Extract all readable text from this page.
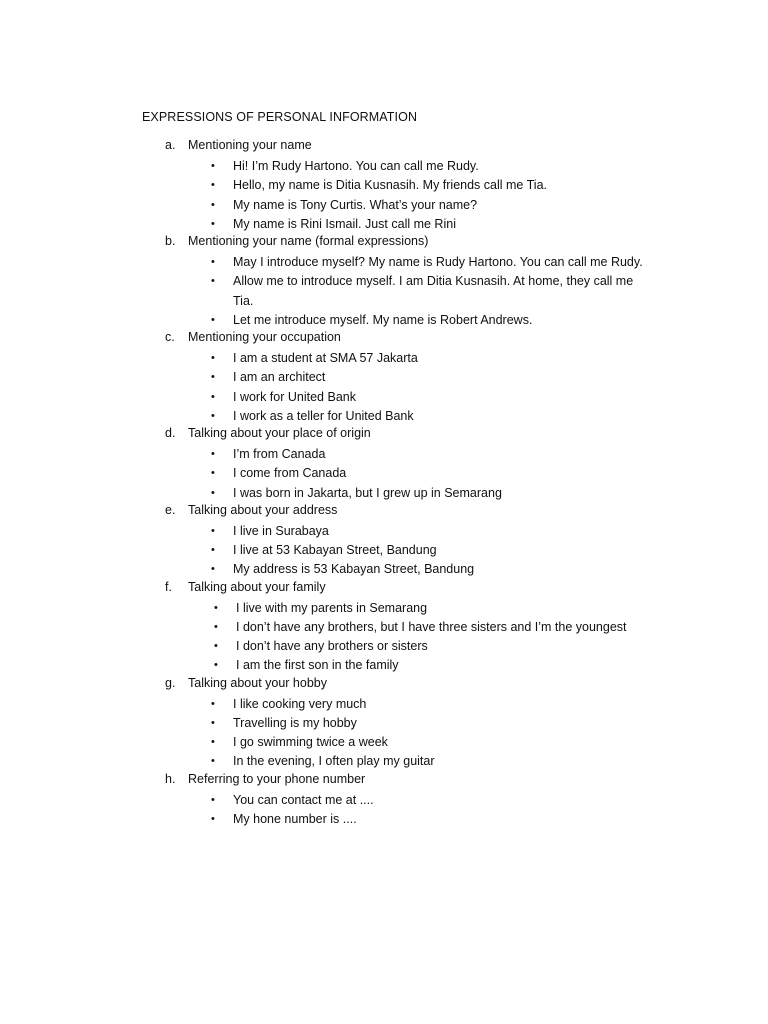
EXPRESSIONS OF PERSONAL INFORMATION
a. Mentioning your name
• Hi! I’m Rudy Hartono. You can call me Rudy.
• Hello, my name is Ditia Kusnasih. My friends call me Tia.
• My name is Tony Curtis. What’s your name?
• My name is Rini Ismail. Just call me Rini
b. Mentioning your name (formal expressions)
• May I introduce myself? My name is Rudy Hartono. You can call me Rudy.
• Allow me to introduce myself. I am Ditia Kusnasih. At home, they call me Tia.
• Let me introduce myself. My name is Robert Andrews.
c. Mentioning your occupation
• I am a student at SMA 57 Jakarta
• I am an architect
• I work for United Bank
• I work as a teller for United Bank
d. Talking about your place of origin
• I’m from Canada
• I come from Canada
• I was born in Jakarta, but I grew up in Semarang
e. Talking about your address
• I live in Surabaya
• I live at 53 Kabayan Street, Bandung
• My address is 53 Kabayan Street, Bandung
f. Talking about your family
• I live with my parents in Semarang
• I don’t have any brothers, but I have three sisters and I’m the youngest
• I don’t have any brothers or sisters
• I am the first son in the family
g. Talking about your hobby
• I like cooking very much
• Travelling is my hobby
• I go swimming twice a week
• In the evening, I often play my guitar
h. Referring to your phone number
• You can contact me at ....
• My hone number is ....
